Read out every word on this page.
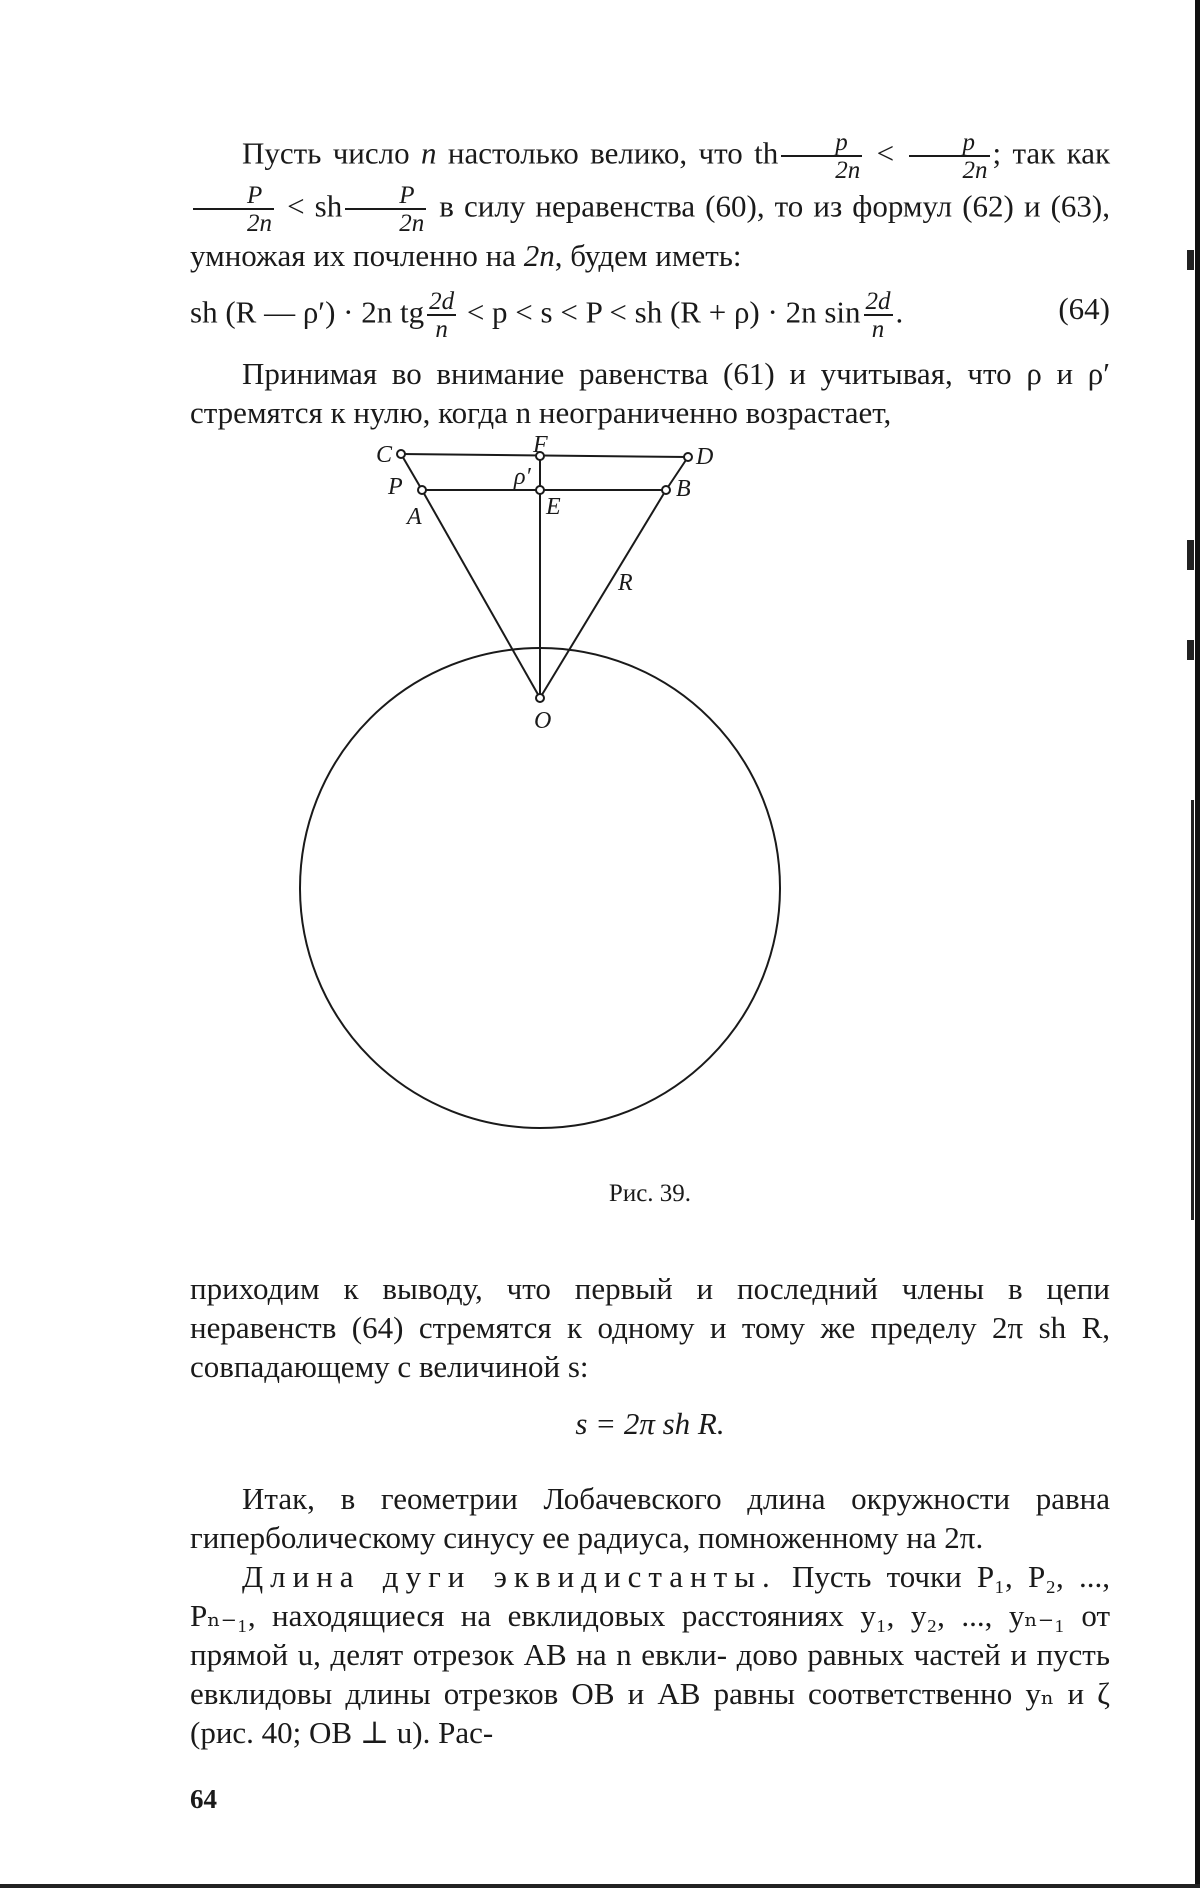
Пусть число n настолько велико, что th $\frac{p}{2n} < \frac{p}{2n}$ ; так как
$\frac{P}{2n}$ < sh $\frac{P}{2n}$ в силу неравенства (60), то из формул (62) и (63), умножая их почленно на 2n, будем иметь:

sh (R — ρ′) · 2n tg $\frac{2d}{n} < p < s < P$ < sh (R + ρ) · 2n $\sin \frac{2d}{n}$ .	(64)

Принимая во внимание равенства (61) и учитывая, что ρ и ρ′ стремятся к нулю, когда n неограниченно возрастает,

C	F	D
P	ρ′
A	E
B
R
O

Рис. 39.

приходим к выводу, что первый и последний члены в цепи неравенств (64) стремятся к одному и тому же пределу 2π sh R, совпадающему с величиной s:

s = 2π sh R.

Итак, в геометрии Лобачевского длина окружности равна гиперболическому синусу ее радиуса, помноженному на 2π.

Длина дуги эквидистанты. Пусть точки P₁, P₂, ..., Pₙ₋₁, находящиеся на евклидовых расстояниях y₁, y₂, ..., yₙ₋₁ от прямой u, делят отрезок AB на n евкли- дово равных частей и пусть евклидовы длины отрезков OB и AB равны соответственно yₙ и ζ (рис. 40; OB ⊥ u). Рас-

64
